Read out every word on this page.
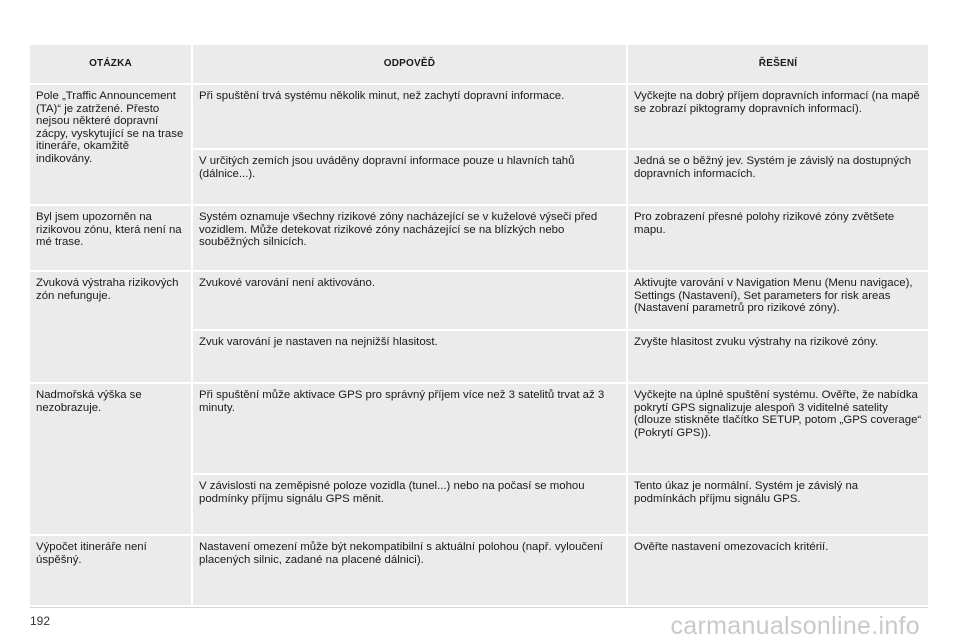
OTÁZKA	ODPOVĚĎ	ŘEŠENÍ
Pole „Traffic Announcement (TA)“ je zatržené. Přesto nejsou některé dopravní zácpy, vyskytující se na trase itineráře, okamžitě indikovány.	Při spuštění trvá systému několik minut, než zachytí dopravní informace.	Vyčkejte na dobrý příjem dopravních informací (na mapě se zobrazí piktogramy dopravních informací).
	V určitých zemích jsou uváděny dopravní informace pouze u hlavních tahů (dálnice...).	Jedná se o běžný jev. Systém je závislý na dostupných dopravních informacích.
Byl jsem upozorněn na rizikovou zónu, která není na mé trase.	Systém oznamuje všechny rizikové zóny nacházející se v kuželové výseči před vozidlem. Může detekovat rizikové zóny nacházející se na blízkých nebo souběžných silnicích.	Pro zobrazení přesné polohy rizikové zóny zvětšete mapu.
Zvuková výstraha rizikových zón nefunguje.	Zvukové varování není aktivováno.	Aktivujte varování v Navigation Menu (Menu navigace), Settings (Nastavení), Set parameters for risk areas (Nastavení parametrů pro rizikové zóny).
	Zvuk varování je nastaven na nejnižší hlasitost.	Zvyšte hlasitost zvuku výstrahy na rizikové zóny.
Nadmořská výška se nezobrazuje.	Při spuštění může aktivace GPS pro správný příjem více než 3 satelitů trvat až 3 minuty.	Vyčkejte na úplné spuštění systému. Ověřte, že nabídka pokrytí GPS signalizuje alespoň 3 viditelné satelity (dlouze stiskněte tlačítko SETUP, potom „GPS coverage“ (Pokrytí GPS)).
	V závislosti na zeměpisné poloze vozidla (tunel...) nebo na počasí se mohou podmínky příjmu signálu GPS měnit.	Tento úkaz je normální. Systém je závislý na podmínkách příjmu signálu GPS.
Výpočet itineráře není úspěšný.	Nastavení omezení může být nekompatibilní s aktuální polohou (např. vyloučení placených silnic, zadané na placené dálnici).	Ověřte nastavení omezovacích kritérií.
192	carmanualsonline.info
